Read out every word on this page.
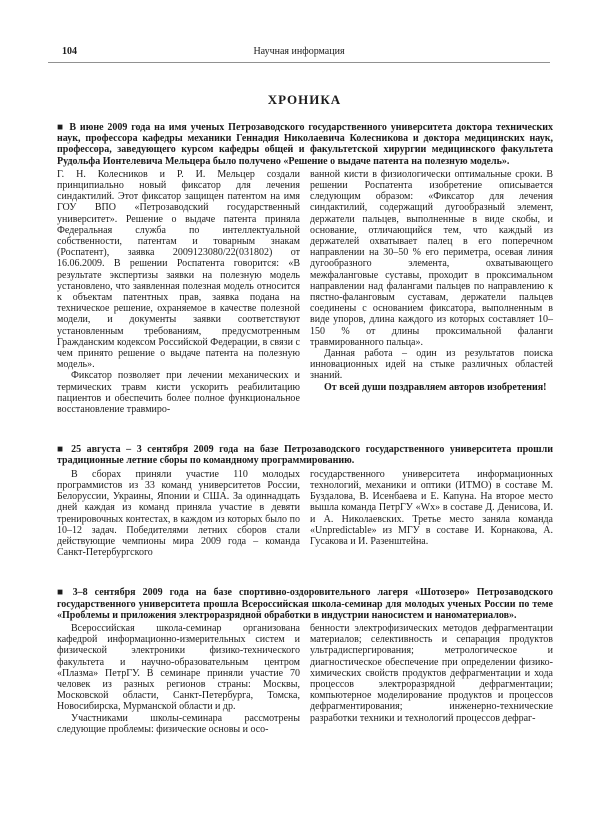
104	Научная информация
ХРОНИКА

■ В июне 2009 года на имя ученых Петрозаводского государственного университета доктора технических наук, профессора кафедры механики Геннадия Николаевича Колесникова и доктора медицинских наук, профессора, заведующего курсом кафедры общей и факультетской хирургии медицинского факультета Рудольфа Ионтелевича Мельцера было получено «Решение о выдаче патента на полезную модель».

Г. Н. Колесников и Р. И. Мельцер создали принципиально новый фиксатор для лечения синдактилий. Этот фиксатор защищен патентом на имя ГОУ ВПО «Петрозаводский государственный университет». Решение о выдаче патента приняла Федеральная служба по интеллектуальной собственности, патентам и товарным знакам (Роспатент), заявка 2009123080/22(031802) от 16.06.2009. В решении Роспатента говорится: «В результате экспертизы заявки на полезную модель установлено, что заявленная полезная модель относится к объектам патентных прав, заявка подана на техническое решение, охраняемое в качестве полезной модели, и документы заявки соответствуют установленным требованиям, предусмотренным Гражданским кодексом Российской Федерации, в связи с чем принято решение о выдаче патента на полезную модель».

Фиксатор позволяет при лечении механических и термических травм кисти ускорить реабилитацию пациентов и обеспечить более полное функциональное восстановление травмиро-

ванной кисти в физиологически оптимальные сроки. В решении Роспатента изобретение описывается следующим образом: «Фиксатор для лечения синдактилий, содержащий дугообразный элемент, держатели пальцев, выполненные в виде скобы, и основание, отличающийся тем, что каждый из держателей охватывает палец в его поперечном направлении на 30–50 % его периметра, осевая линия дугообразного элемента, охватывающего межфаланговые суставы, проходит в проксимальном направлении над фалангами пальцев по направлению к пястно-фаланговым суставам, держатели пальцев соединены с основанием фиксатора, выполненным в виде упоров, длина каждого из которых составляет 10–150 % от длины проксимальной фаланги травмированного пальца».

Данная работа – один из результатов поиска инновационных идей на стыке различных областей знаний.

От всей души поздравляем авторов изобретения!

■ 25 августа – 3 сентября 2009 года на базе Петрозаводского государственного университета прошли традиционные летние сборы по командному программированию.

В сборах приняли участие 110 молодых программистов из 33 команд университетов России, Белоруссии, Украины, Японии и США. За одиннадцать дней каждая из команд приняла участие в девяти тренировочных контестах, в каждом из которых было по 10–12 задач. Победителями летних сборов стали действующие чемпионы мира 2009 года – команда Санкт-Петербургского

государственного университета информационных технологий, механики и оптики (ИТМО) в составе М. Буздалова, В. Исенбаева и Е. Капуна. На второе место вышла команда ПетрГУ «Wx» в составе Д. Денисова, И. и А. Николаевских. Третье место заняла команда «Unpredictable» из МГУ в составе И. Корнакова, А. Гусакова и И. Разенштейна.

■ 3–8 сентября 2009 года на базе спортивно-оздоровительного лагеря «Шотозеро» Петрозаводского государственного университета прошла Всероссийская школа-семинар для молодых ученых России по теме «Проблемы и приложения электроразрядной обработки в индустрии наносистем и наноматериалов».

Всероссийская школа-семинар организована кафедрой информационно-измерительных систем и физической электроники физико-технического факультета и научно-образовательным центром «Плазма» ПетрГУ. В семинаре приняли участие 70 человек из разных регионов страны: Москвы, Московской области, Санкт-Петербурга, Томска, Новосибирска, Мурманской области и др.

Участниками школы-семинара рассмотрены следующие проблемы: физические основы и осо-

бенности электрофизических методов дефрагментации материалов; селективность и сепарация продуктов ультрадиспергирования; метрологическое и диагностическое обеспечение при определении физико-химических свойств продуктов дефрагментации и хода процессов электроразрядной дефрагментации; компьютерное моделирование продуктов и процессов дефрагментирования; инженерно-технические разработки техники и технологий процессов дефраг-
